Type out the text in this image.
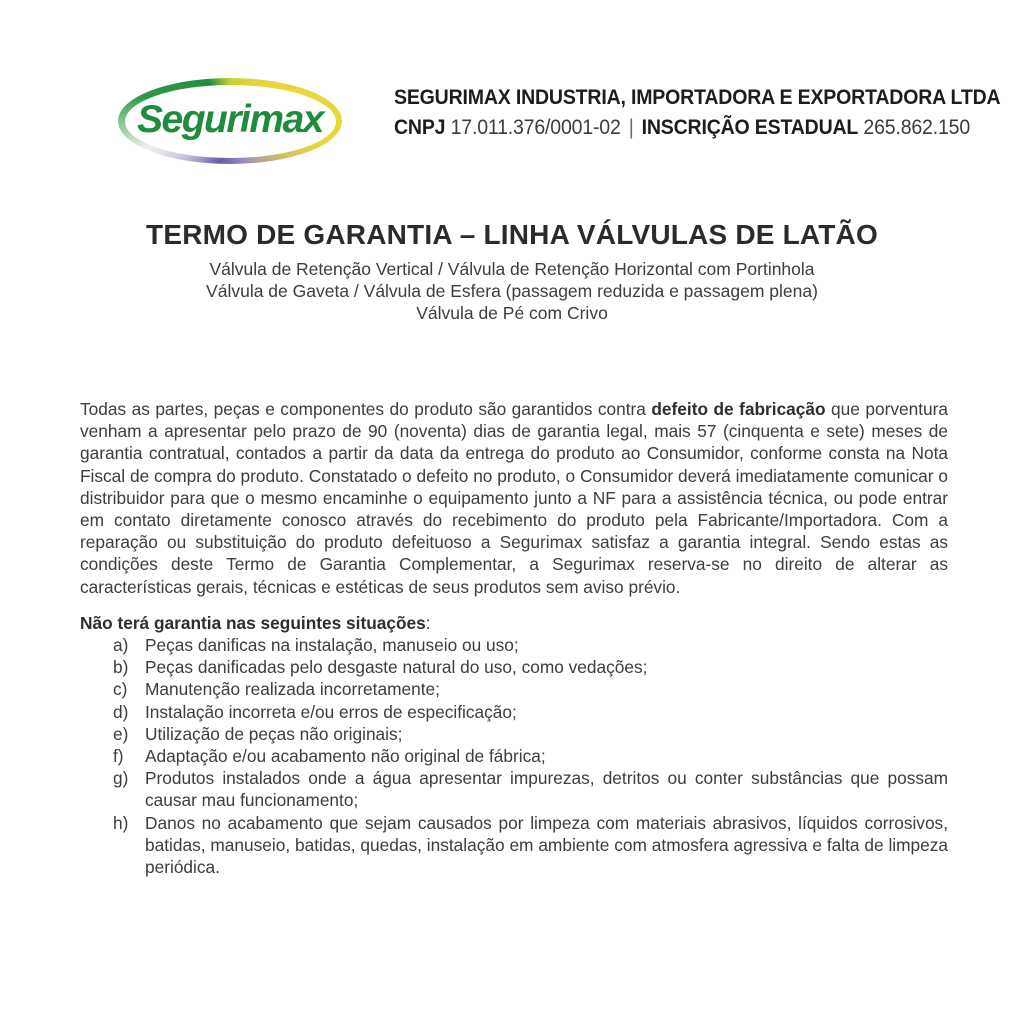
Segurimax	SEGURIMAX INDUSTRIA, IMPORTADORA E EXPORTADORA LTDA
CNPJ 17.011.376/0001-02 | INSCRIÇÃO ESTADUAL 265.862.150
TERMO DE GARANTIA – LINHA VÁLVULAS DE LATÃO
Válvula de Retenção Vertical / Válvula de Retenção Horizontal com Portinhola
Válvula de Gaveta / Válvula de Esfera (passagem reduzida e passagem plena)
Válvula de Pé com Crivo

Todas as partes, peças e componentes do produto são garantidos contra defeito de fabricação que porventura venham a apresentar pelo prazo de 90 (noventa) dias de garantia legal, mais 57 (cinquenta e sete) meses de garantia contratual, contados a partir da data da entrega do produto ao Consumidor, conforme consta na Nota Fiscal de compra do produto. Constatado o defeito no produto, o Consumidor deverá imediatamente comunicar o distribuidor para que o mesmo encaminhe o equipamento junto a NF para a assistência técnica, ou pode entrar em contato diretamente conosco através do recebimento do produto pela Fabricante/Importadora. Com a reparação ou substituição do produto defeituoso a Segurimax satisfaz a garantia integral. Sendo estas as condições deste Termo de Garantia Complementar, a Segurimax reserva-se no direito de alterar as características gerais, técnicas e estéticas de seus produtos sem aviso prévio.

Não terá garantia nas seguintes situações:
a) Peças danificas na instalação, manuseio ou uso;
b) Peças danificadas pelo desgaste natural do uso, como vedações;
c)	Manutenção realizada incorretamente;
d) Instalação incorreta e/ou erros de especificação;
e) Utilização de peças não originais;
f)	Adaptação e/ou acabamento não original de fábrica;
g) Produtos instalados onde a água apresentar impurezas, detritos ou conter substâncias que possam causar mau funcionamento;
h) Danos no acabamento que sejam causados por limpeza com materiais abrasivos, líquidos corrosivos, batidas, manuseio, batidas, quedas, instalação em ambiente com atmosfera agressiva e falta de limpeza periódica.
